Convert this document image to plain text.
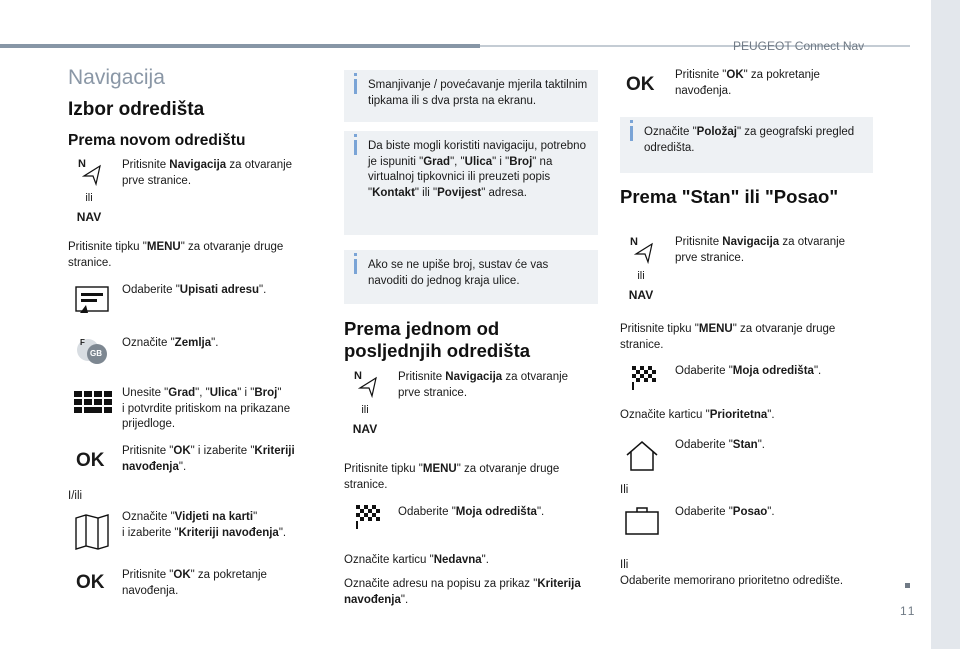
PEUGEOT Connect Nav
11
Navigacija
Izbor odredišta
Prema novom odredištu
N
ili
NAV
Pritisnite Navigacija za otvaranje prve stranice.
Pritisnite tipku "MENU" za otvaranje druge stranice.
Odaberite "Upisati adresu".
F
GB
Označite "Zemlja".
Unesite "Grad", "Ulica" i "Broj"
i potvrdite pritiskom na prikazane prijedloge.
OK Pritisnite "OK" i izaberite "Kriteriji navođenja".
I/ili
Označite "Vidjeti na karti"
i izaberite "Kriteriji navođenja".
OK Pritisnite "OK" za pokretanje navođenja.
Smanjivanje / povećavanje mjerila taktilnim tipkama ili s dva prsta na ekranu.
Da biste mogli koristiti navigaciju, potrebno je ispuniti "Grad", "Ulica" i "Broj" na virtualnoj tipkovnici ili preuzeti popis "Kontakt" ili "Povijest" adresa.
Ako se ne upiše broj, sustav će vas navoditi do jednog kraja ulice.
Prema jednom od posljednjih odredišta
N
ili
NAV
Pritisnite Navigacija za otvaranje prve stranice.
Pritisnite tipku "MENU" za otvaranje druge stranice.
Odaberite "Moja odredišta".
Označite karticu "Nedavna".
Označite adresu na popisu za prikaz "Kriterija navođenja".
OK Pritisnite "OK" za pokretanje navođenja.
Označite "Položaj" za geografski pregled odredišta.
Prema "Stan" ili "Posao"
N
ili
NAV
Pritisnite Navigacija za otvaranje prve stranice.
Pritisnite tipku "MENU" za otvaranje druge stranice.
Odaberite "Moja odredišta".
Označite karticu "Prioritetna".
Odaberite "Stan".
Ili
Odaberite "Posao".
Ili
Odaberite memorirano prioritetno odredište.
